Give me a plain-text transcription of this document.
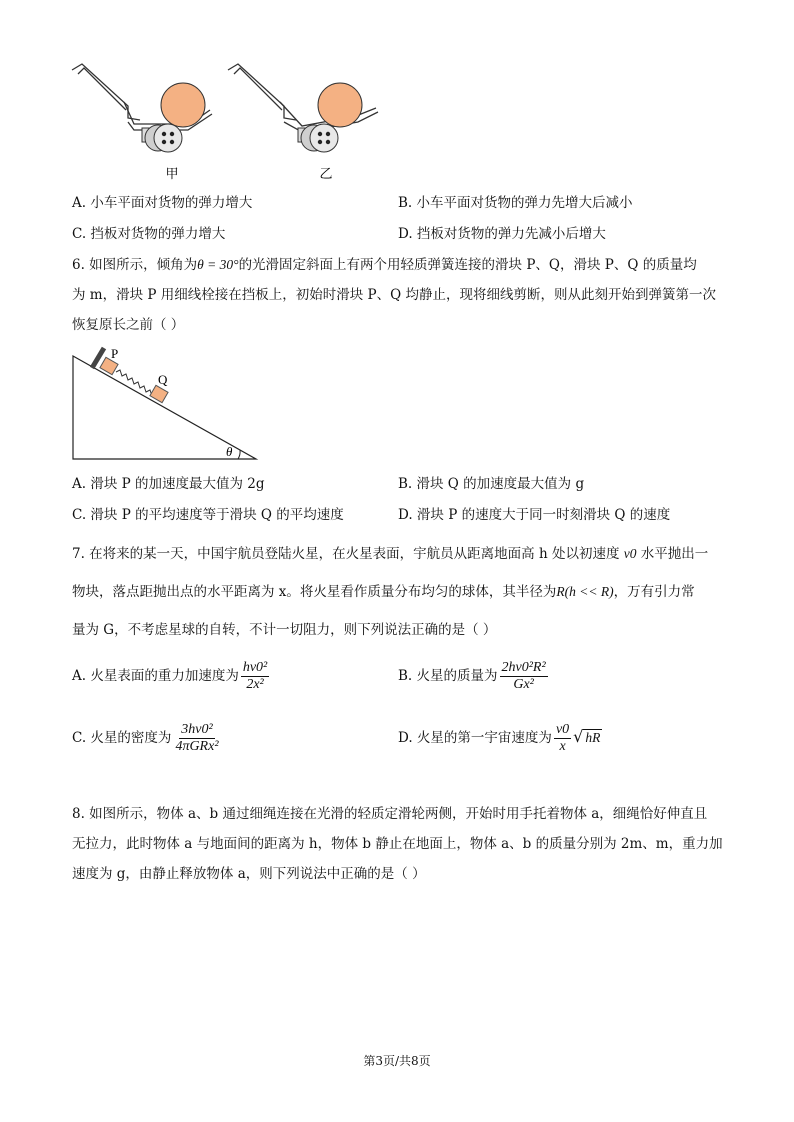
甲	乙
A. 小车平面对货物的弹力增大	B. 小车平面对货物的弹力先增大后减小
C. 挡板对货物的弹力增大	D. 挡板对货物的弹力先减小后增大
6. 如图所示，倾角为θ = 30°的光滑固定斜面上有两个用轻质弹簧连接的滑块 P、Q，滑块 P、Q 的质量均
为 m，滑块 P 用细线栓接在挡板上，初始时滑块 P、Q 均静止，现将细线剪断，则从此刻开始到弹簧第一次
恢复原长之前（ ）
P
Q
θ
A. 滑块 P 的加速度最大值为 2g	B. 滑块 Q 的加速度最大值为 g
C. 滑块 P 的平均速度等于滑块 Q 的平均速度	D. 滑块 P 的速度大于同一时刻滑块 Q 的速度
7. 在将来的某一天，中国宇航员登陆火星，在火星表面，宇航员从距离地面高 h 处以初速度 v0 水平抛出一
物块，落点距抛出点的水平距离为 x。将火星看作质量分布均匀的球体，其半径为R(h << R)，万有引力常
量为 G，不考虑星球的自转，不计一切阻力，则下列说法正确的是（ ）
A. 火星表面的重力加速度为 $\frac{\text{hv0²}}{\text{2x²}}$	B. 火星的质量为 $\frac{\text{2hv0²R²}}{\text{Gx²}}$
C. 火星的密度为 $\frac{\text{3hv0²}}{\text{4πGRx²}}$	D. 火星的第一宇宙速度为 $\frac{v0}{x}$ √ hR
8. 如图所示，物体 a、b 通过细绳连接在光滑的轻质定滑轮两侧，开始时用手托着物体 a，细绳恰好伸直且
无拉力，此时物体 a 与地面间的距离为 h，物体 b 静止在地面上，物体 a、b 的质量分别为 2m、m，重力加
速度为 g，由静止释放物体 a，则下列说法中正确的是（ ）
第3页/共8页
